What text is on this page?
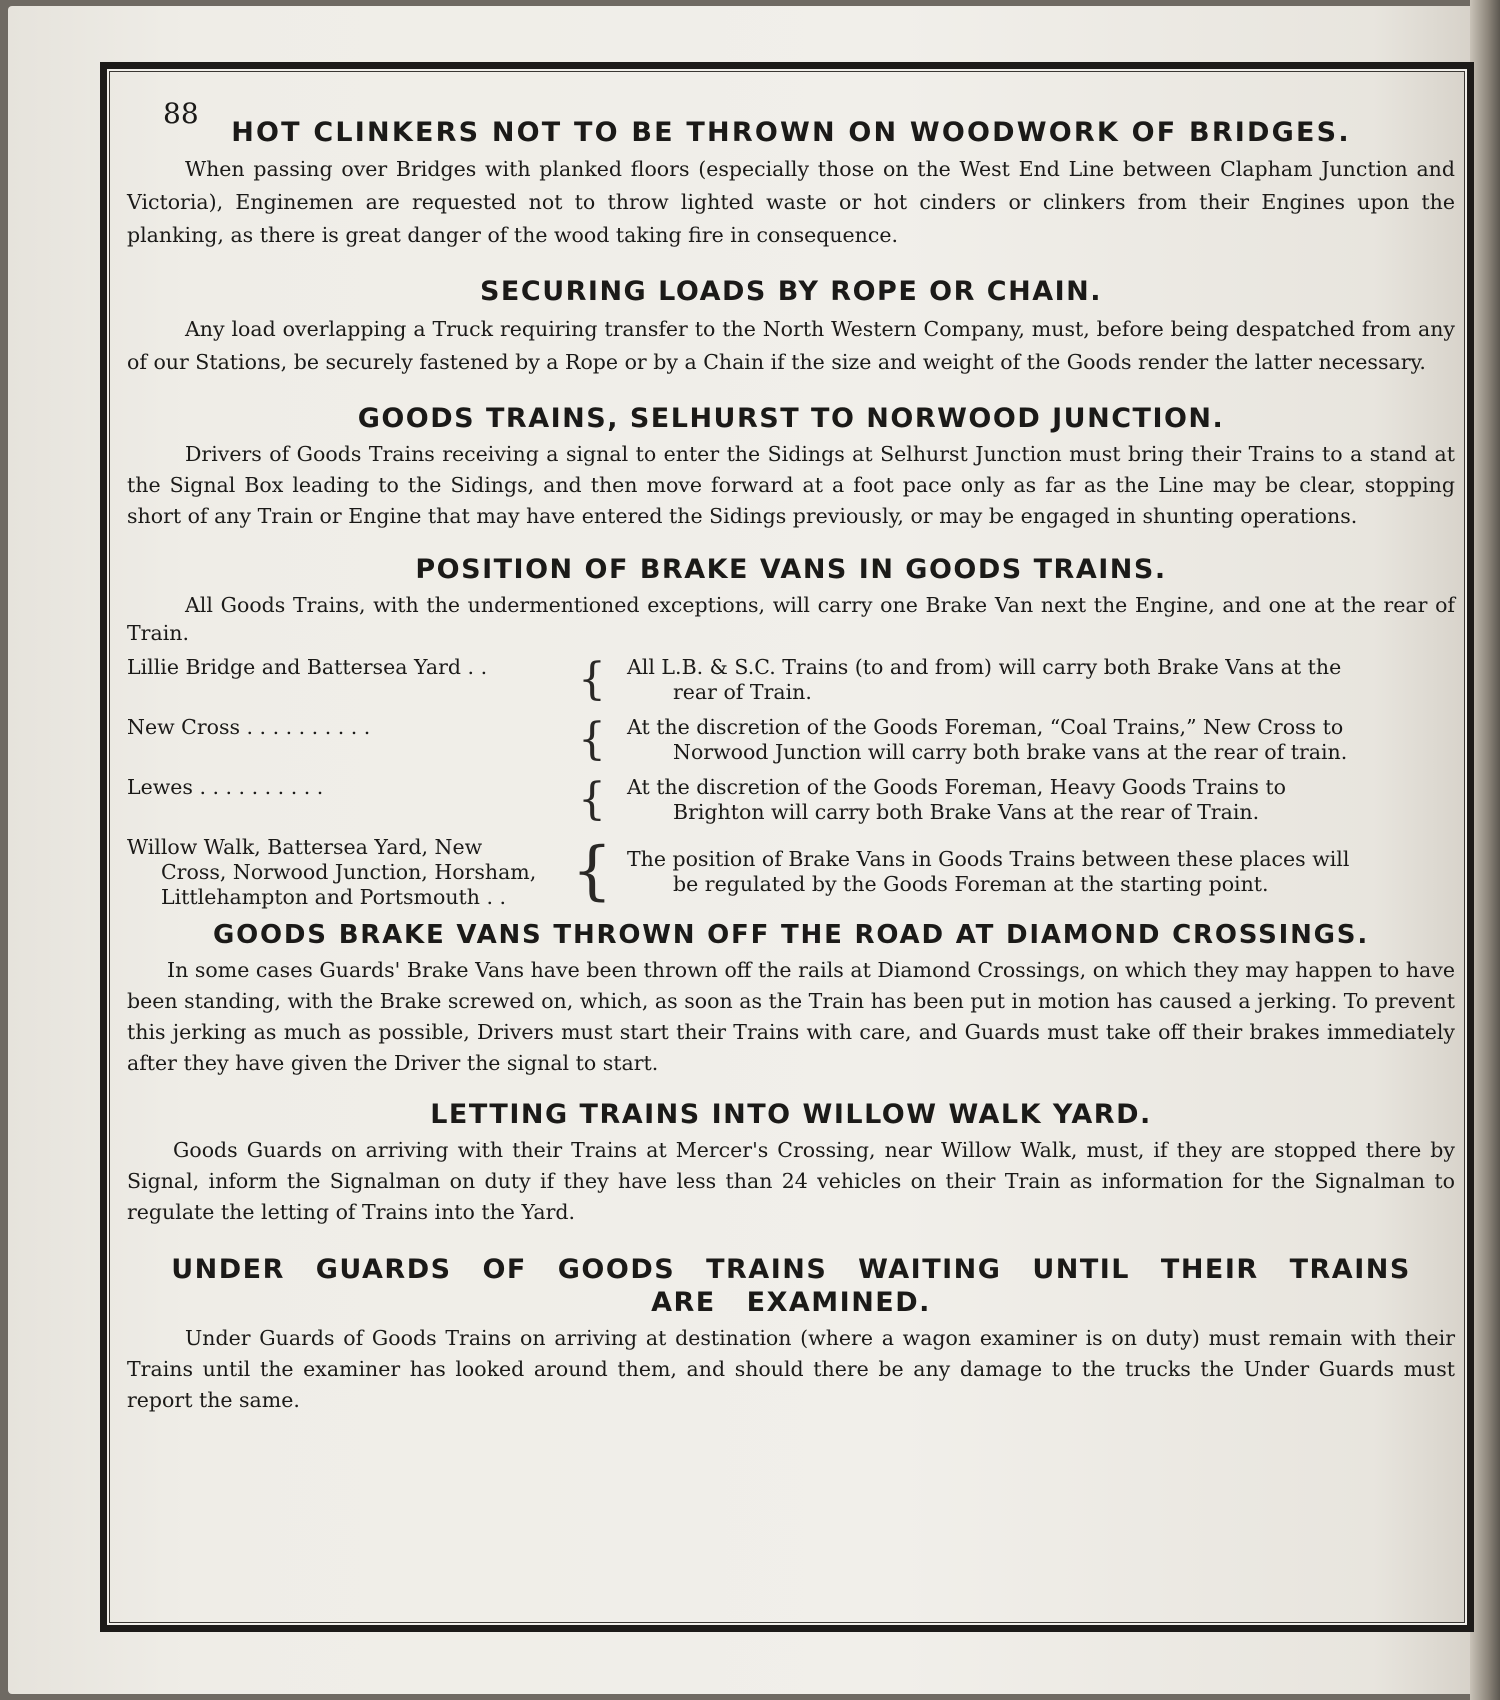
88
HOT CLINKERS NOT TO BE THROWN ON WOODWORK OF BRIDGES.

When passing over Bridges with planked floors (especially those on the West End Line between Clapham Junction and Victoria), Enginemen are requested not to throw lighted waste or hot cinders or clinkers from their Engines upon the planking, as there is great danger of the wood taking fire in consequence.

SECURING LOADS BY ROPE OR CHAIN.

Any load overlapping a Truck requiring transfer to the North Western Company, must, before being despatched from any of our Stations, be securely fastened by a Rope or by a Chain if the size and weight of the Goods render the latter necessary.

GOODS TRAINS, SELHURST TO NORWOOD JUNCTION.

Drivers of Goods Trains receiving a signal to enter the Sidings at Selhurst Junction must bring their Trains to a stand at the Signal Box leading to the Sidings, and then move forward at a foot pace only as far as the Line may be clear, stopping short of any Train or Engine that may have entered the Sidings previously, or may be engaged in shunting operations.

POSITION OF BRAKE VANS IN GOODS TRAINS.

All Goods Trains, with the undermentioned exceptions, will carry one Brake Van next the Engine, and one at the rear of Train.

Lillie Bridge and Battersea Yard . .	{	All L.B. & S.C. Trains (to and from) will carry both Brake Vans at the
rear of Train.
New Cross . . . . . . . . . .	{	At the discretion of the Goods Foreman, “Coal Trains,” New Cross to
Norwood Junction will carry both brake vans at the rear of train.
Lewes . . . . . . . . . .	{	At the discretion of the Goods Foreman, Heavy Goods Trains to
Brighton will carry both Brake Vans at the rear of Train.
Willow Walk, Battersea Yard, New
Cross, Norwood Junction, Horsham, Littlehampton and Portsmouth . .	{ The position of Brake Vans in Goods Trains between these places will
be regulated by the Goods Foreman at the starting point.
GOODS BRAKE VANS THROWN OFF THE ROAD AT DIAMOND CROSSINGS.

In some cases Guards' Brake Vans have been thrown off the rails at Diamond Crossings, on which they may happen to have been standing, with the Brake screwed on, which, as soon as the Train has been put in motion has caused a jerking. To prevent this jerking as much as possible, Drivers must start their Trains with care, and Guards must take off their brakes immediately after they have given the Driver the signal to start.

LETTING TRAINS INTO WILLOW WALK YARD.

Goods Guards on arriving with their Trains at Mercer's Crossing, near Willow Walk, must, if they are stopped there by Signal, inform the Signalman on duty if they have less than 24 vehicles on their Train as information for the Signalman to regulate the letting of Trains into the Yard.

UNDER GUARDS OF GOODS TRAINS WAITING UNTIL THEIR TRAINS ARE EXAMINED.

Under Guards of Goods Trains on arriving at destination (where a wagon examiner is on duty) must remain with their Trains until the examiner has looked around them, and should there be any damage to the trucks the Under Guards must report the same.
